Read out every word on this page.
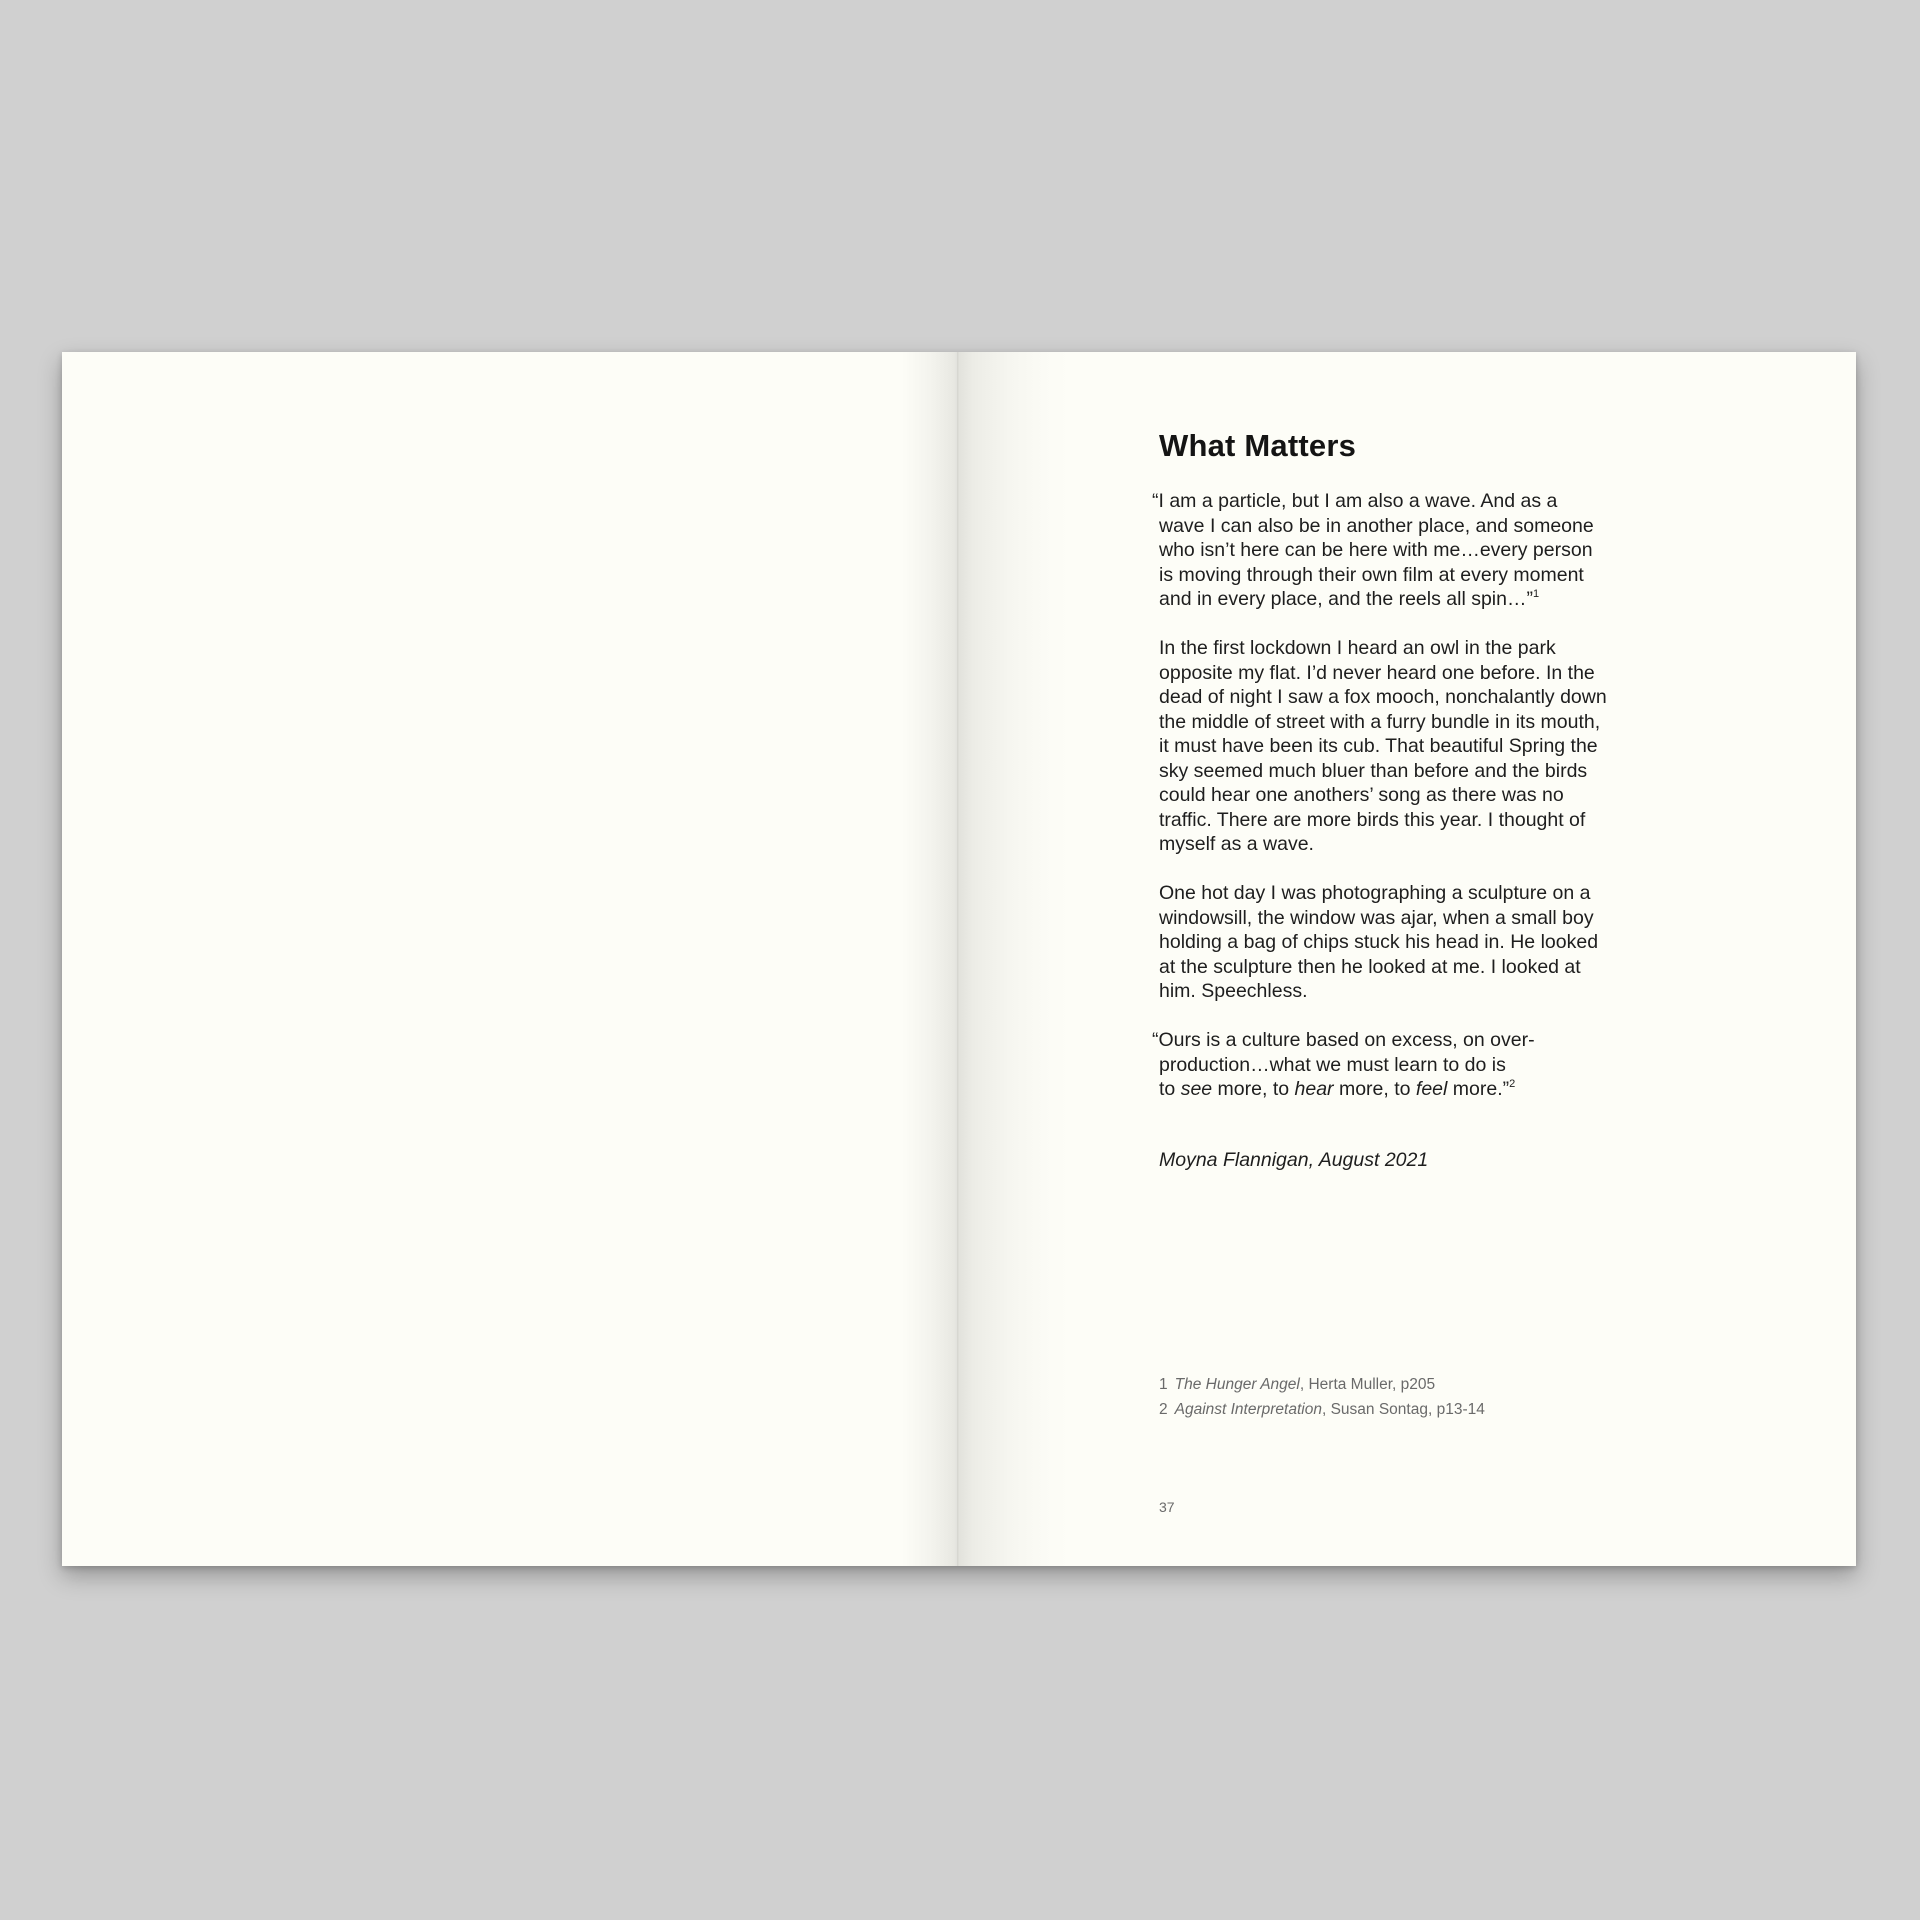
What Matters

“I am a particle, but I am also a wave. And as a
wave I can also be in another place, and someone
who isn’t here can be here with me…every person
is moving through their own film at every moment
and in every place, and the reels all spin…”$^1$

In the first lockdown I heard an owl in the park
opposite my flat. I’d never heard one before. In the
dead of night I saw a fox mooch, nonchalantly down
the middle of street with a furry bundle in its mouth,
it must have been its cub. That beautiful Spring the
sky seemed much bluer than before and the birds
could hear one anothers’ song as there was no
traffic. There are more birds this year. I thought of
myself as a wave.

One hot day I was photographing a sculpture on a
windowsill, the window was ajar, when a small boy
holding a bag of chips stuck his head in. He looked
at the sculpture then he looked at me. I looked at
him. Speechless.

“Ours is a culture based on excess, on over-
production…what we must learn to do is
to see more, to hear more, to feel more.”$^2$

Moyna Flannigan, August 2021

1 The Hunger Angel, Herta Muller, p205
2 Against Interpretation, Susan Sontag, p13-14
37
